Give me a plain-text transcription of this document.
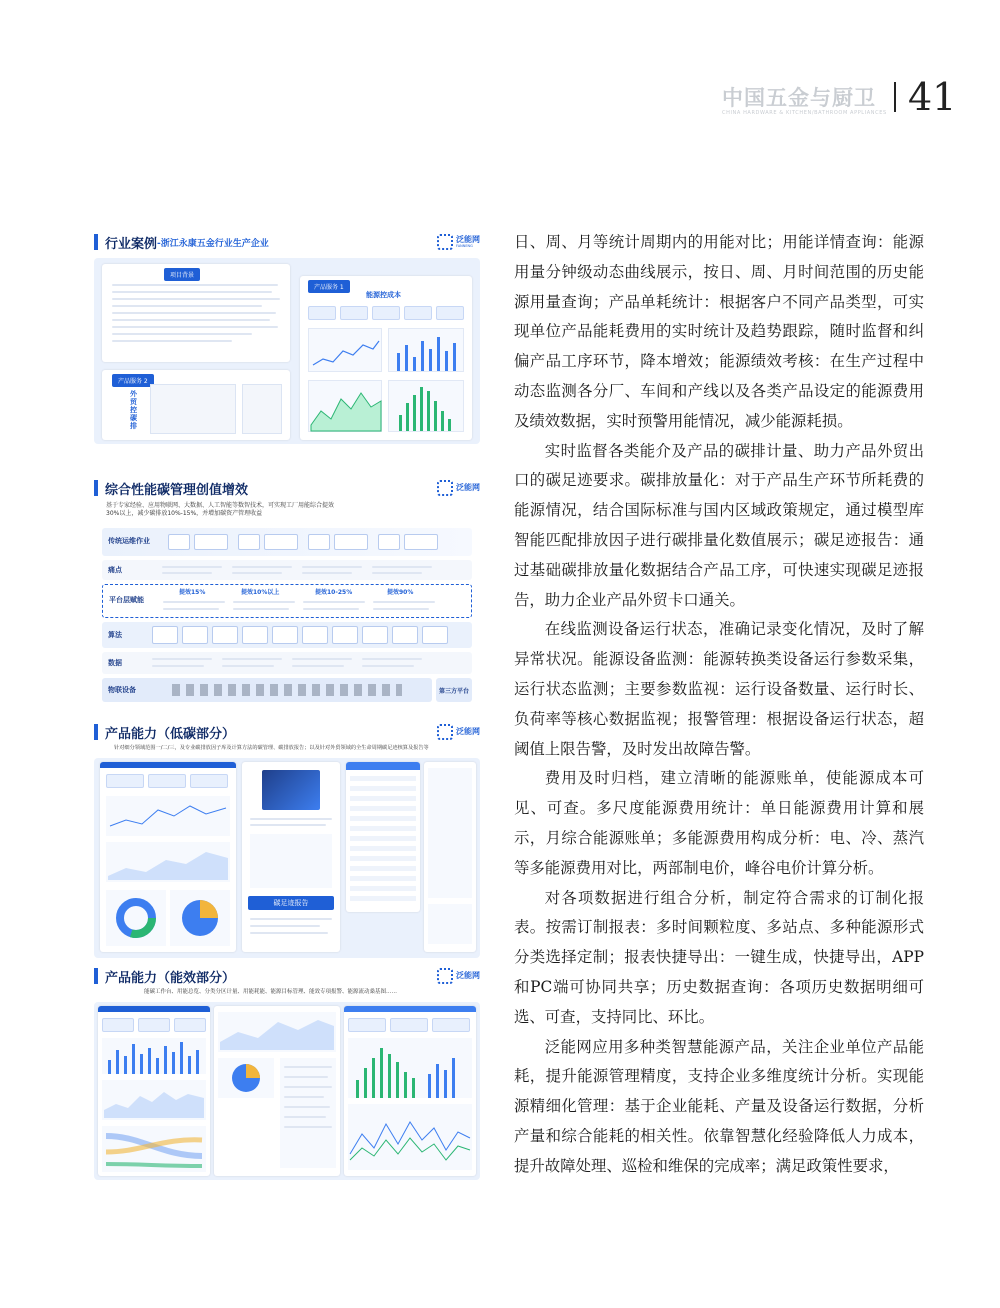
中国五金与厨卫
CHINA HARDWARE & KITCHEN/BATHROOM APPLIANCES 41
行业案例 -浙江永康五金行业生产企业	泛能网
FANNENG
项目背景
产品服务 2
外贸控碳排
产品服务 1
能源控成本
综合性能碳管理创值增效	泛能网
基于专家经验、应用物联网、大数据、人工智能等数智技术，可实现工厂用能综合提效30%以上，减少碳排放10%-15%，并增加碳资产管理收益
传统运维作业
痛点
平台层赋能
提效15%	提效10%以上	提效10-25%	提效90%
算法
数据
物联设备	第三方平台
产品能力（低碳部分）	泛能网
针对细分领域范围一/二/三，及专业碳排放因子库及计算方法的碳管理、碳排放报告；以及针对外贸领域的全生命周期碳足迹核算及报告等
碳足迹报告
产品能力（能效部分）	泛能网
能碳工作台、用能总览、分类分区计量、用能耗能、能源目标管理、能效专项报警、能源流动桑基图……

日、周、月等统计周期内的用能对比；用能详情查询：能源用量分钟级动态曲线展示，按日、周、月时间范围的历史能源用量查询；产品单耗统计：根据客户不同产品类型，可实现单位产品能耗费用的实时统计及趋势跟踪，随时监督和纠偏产品工序环节，降本增效；能源绩效考核：在生产过程中动态监测各分厂、车间和产线以及各类产品设定的能源费用及绩效数据，实时预警用能情况，减少能源耗损。

实时监督各类能介及产品的碳排计量、助力产品外贸出口的碳足迹要求。碳排放量化：对于产品生产环节所耗费的能源情况，结合国际标准与国内区域政策规定，通过模型库智能匹配排放因子进行碳排量化数值展示；碳足迹报告：通过基础碳排放量化数据结合产品工序，可快速实现碳足迹报告，助力企业产品外贸卡口通关。

在线监测设备运行状态，准确记录变化情况，及时了解异常状况。能源设备监测：能源转换类设备运行参数采集，运行状态监测；主要参数监视：运行设备数量、运行时长、负荷率等核心数据监视；报警管理：根据设备运行状态，超阈值上限告警，及时发出故障告警。

费用及时归档，建立清晰的能源账单，使能源成本可见、可查。多尺度能源费用统计：单日能源费用计算和展示，月综合能源账单；多能源费用构成分析：电、冷、蒸汽等多能源费用对比，两部制电价，峰谷电价计算分析。

对各项数据进行组合分析，制定符合需求的订制化报表。按需订制报表：多时间颗粒度、多站点、多种能源形式分类选择定制；报表快捷导出：一键生成，快捷导出，APP和PC端可协同共享；历史数据查询：各项历史数据明细可选、可查，支持同比、环比。

泛能网应用多种类智慧能源产品，关注企业单位产品能耗，提升能源管理精度，支持企业多维度统计分析。实现能源精细化管理：基于企业能耗、产量及设备运行数据，分析产量和综合能耗的相关性。依靠智慧化经验降低人力成本，提升故障处理、巡检和维保的完成率；满足政策性要求，
